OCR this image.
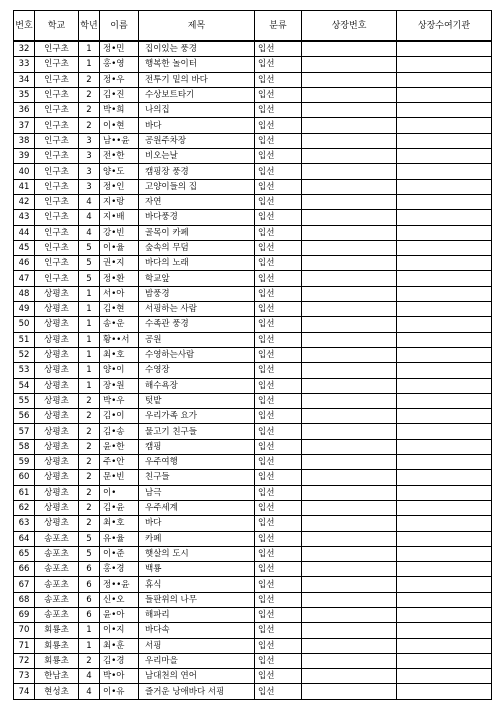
번호	학교	학년	이름	제목	분류	상장번호	상장수여기관
32	인구초	1	정•민	집이있는 풍경	입선		
33	인구초	1	홍•영	행복한 놀이터	입선		
34	인구초	2	정•우	전투기 밑의 바다	입선		
35	인구초	2	김•진	수상보트타기	입선		
36	인구초	2	박•희	나의집	입선		
37	인구초	2	이•현	바다	입선		
38	인구초	3	남••윤	공원주차장	입선		
39	인구초	3	전•한	비오는날	입선		
40	인구초	3	양•도	캠핑장 풍경	입선		
41	인구초	3	정•인	고양이들의 집	입선		
42	인구초	4	지•랑	자연	입선		
43	인구초	4	지•배	바다풍경	입선		
44	인구초	4	강•빈	골목이 카페	입선		
45	인구초	5	이•율	숲속의 무덤	입선		
46	인구초	5	권•지	바다의 노래	입선		
47	인구초	5	정•환	학교앞	입선		
48	상평초	1	서•아	밤풍경	입선		
49	상평초	1	김•현	서핑하는 사람	입선		
50	상평초	1	송•운	수족관 풍경	입선		
51	상평초	1	황••서	공원	입선		
52	상평초	1	최•호	수영하는사람	입선		
53	상평초	1	양•이	수영장	입선		
54	상평초	1	장•원	해수욕장	입선		
55	상평초	2	박•우	텃밭	입선		
56	상평초	2	김•이	우리가족 요가	입선		
57	상평초	2	김•송	물고기 친구들	입선		
58	상평초	2	윤•한	캠핑	입선		
59	상평초	2	주•안	우주여행	입선		
60	상평초	2	문•빈	친구들	입선		
61	상평초	2	이•	남극	입선		
62	상평초	2	김•윤	우주세계	입선		
63	상평초	2	최•호	바다	입선		
64	송포초	5	유•율	카페	입선		
65	송포초	5	이•준	햇살의 도시	입선		
66	송포초	6	홍•경	백룡	입선		
67	송포초	6	정••윤	휴식	입선		
68	송포초	6	신•오	들판위의 나무	입선		
69	송포초	6	윤•아	해파리	입선		
70	회룡초	1	이•지	바다속	입선		
71	회룡초	1	최•훈	서핑	입선		
72	회룡초	2	김•경	우리마을	입선		
73	한남초	4	박•아	남대천의 연어	입선		
74	현성초	4	이•유	즐거운 낭애바다 서핑	입선		
